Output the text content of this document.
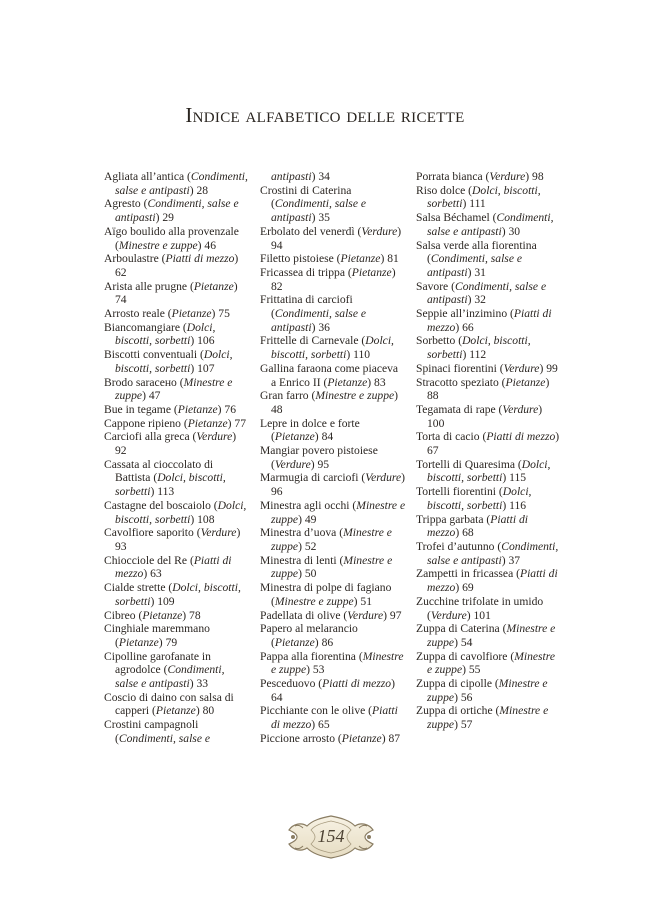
Indice alfabetico delle ricette

Agliata all’antica (Condimenti, salse e antipasti) 28

Agresto (Condimenti, salse e antipasti) 29

Aïgo boulido alla provenzale (Minestre e zuppe) 46

Arboulastre (Piatti di mezzo) 62

Arista alle prugne (Pietanze) 74

Arrosto reale (Pietanze) 75

Biancomangiare (Dolci, biscotti, sorbetti) 106

Biscotti conventuali (Dolci, biscotti, sorbetti) 107

Brodo saracено (Minestre e zuppe) 47

Bue in tegame (Pietanze) 76

Cappone ripieno (Pietanze) 77

Carciofi alla greca (Verdure) 92

Cassata al cioccolato di Battista (Dolci, biscotti, sorbetti) 113

Castagne del boscaiolo (Dolci, biscotti, sorbetti) 108

Cavolfiore saporito (Verdure) 93

Chiocciole del Re (Piatti di mezzo) 63

Cialde strette (Dolci, biscotti, sorbetti) 109

Cibreo (Pietanze) 78

Cinghiale maremmano (Pietanze) 79

Cipolline garofanate in agrodolce (Condimenti, salse e antipasti) 33

Coscio di daino con salsa di capperi (Pietanze) 80

Crostini campagnoli (Condimenti, salse e

antipasti) 34

Crostini di Caterina (Condimenti, salse e antipasti) 35

Erbolato del venerdì (Verdure) 94

Filetto pistoiese (Pietanze) 81

Fricassea di trippa (Pietanze) 82

Frittatina di carciofi (Condimenti, salse e antipasti) 36

Frittelle di Carnevale (Dolci, biscotti, sorbetti) 110

Gallina faraona come piaceva a Enrico II (Pietanze) 83

Gran farro (Minestre e zuppe) 48

Lepre in dolce e forte (Pietanze) 84

Mangiar povero pistoiese (Verdure) 95

Marmugia di carciofi (Verdure) 96

Minestra agli occhi (Minestre e zuppe) 49

Minestra d’uova (Minestre e zuppe) 52

Minestra di lenti (Minestre e zuppe) 50

Minestra di polpe di fagiano (Minestre e zuppe) 51

Padellata di olive (Verdure) 97

Papero al melarancio (Pietanze) 86

Pappa alla fiorentina (Minestre e zuppe) 53

Pesceduovo (Piatti di mezzo) 64

Picchiante con le olive (Piatti di mezzo) 65

Piccione arrosto (Pietanze) 87

Porrata bianca (Verdure) 98

Riso dolce (Dolci, biscotti, sorbetti) 111

Salsa Béchamel (Condimenti, salse e antipasti) 30

Salsa verde alla fiorentina (Condimenti, salse e antipasti) 31

Savore (Condimenti, salse e antipasti) 32

Seppie all’inzimino (Piatti di mezzo) 66

Sorbetto (Dolci, biscotti, sorbetti) 112

Spinaci fiorentini (Verdure) 99

Stracotto speziato (Pietanze) 88

Tegamata di rape (Verdure) 100

Torta di cacio (Piatti di mezzo) 67

Tortelli di Quaresima (Dolci, biscotti, sorbetti) 115

Tortelli fiorentini (Dolci, biscotti, sorbetti) 116

Trippa garbata (Piatti di mezzo) 68

Trofei d’autunno (Condimenti, salse e antipasti) 37

Zampetti in fricassea (Piatti di mezzo) 69

Zucchine trifolate in umido (Verdure) 101

Zuppa di Caterina (Minestre e zuppe) 54

Zuppa di cavolfiore (Minestre e zuppe) 55

Zuppa di cipolle (Minestre e zuppe) 56

Zuppa di ortiche (Minestre e zuppe) 57

154
